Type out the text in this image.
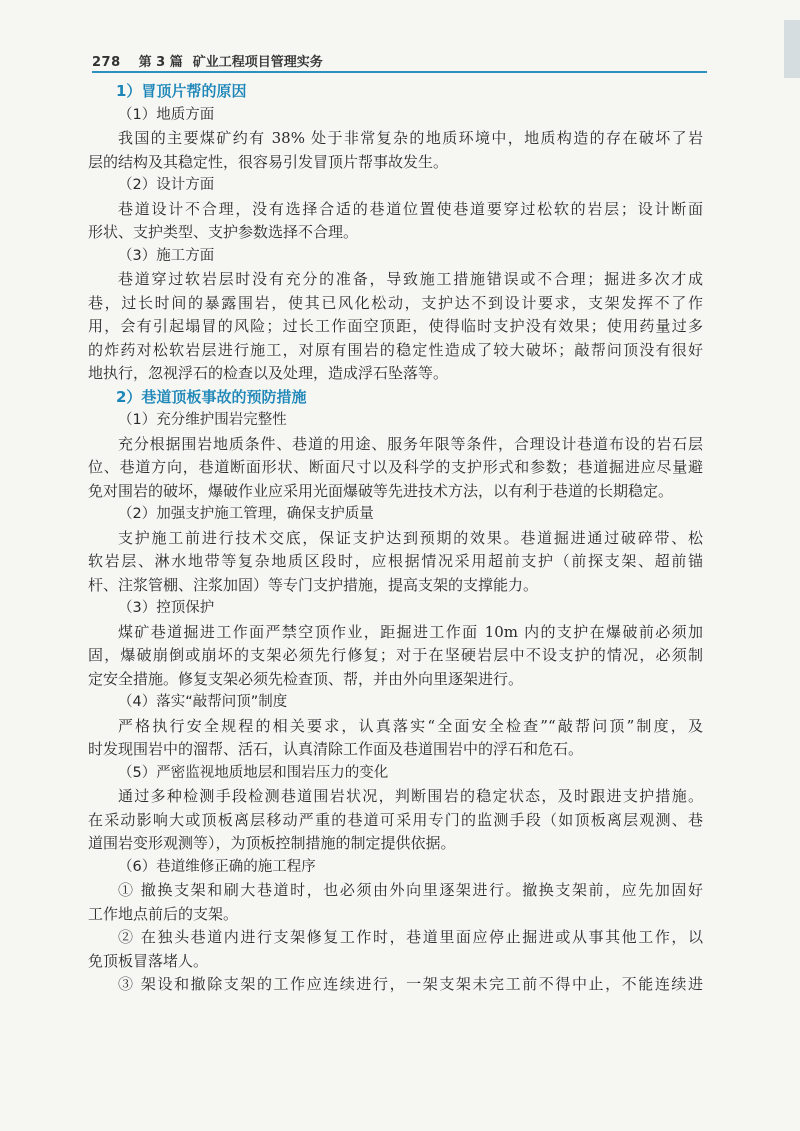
278 第 3 篇 矿业工程项目管理实务
1）冒顶片帮的原因
（1）地质方面
我国的主要煤矿约有 38% 处于非常复杂的地质环境中，地质构造的存在破坏了岩
层的结构及其稳定性，很容易引发冒顶片帮事故发生。
（2）设计方面
巷道设计不合理，没有选择合适的巷道位置使巷道要穿过松软的岩层；设计断面
形状、支护类型、支护参数选择不合理。
（3）施工方面
巷道穿过软岩层时没有充分的准备，导致施工措施错误或不合理；掘进多次才成
巷，过长时间的暴露围岩，使其已风化松动，支护达不到设计要求，支架发挥不了作
用，会有引起塌冒的风险；过长工作面空顶距，使得临时支护没有效果；使用药量过多
的炸药对松软岩层进行施工，对原有围岩的稳定性造成了较大破坏；敲帮问顶没有很好
地执行，忽视浮石的检查以及处理，造成浮石坠落等。
2）巷道顶板事故的预防措施
（1）充分维护围岩完整性
充分根据围岩地质条件、巷道的用途、服务年限等条件，合理设计巷道布设的岩石层
位、巷道方向，巷道断面形状、断面尺寸以及科学的支护形式和参数；巷道掘进应尽量避
免对围岩的破坏，爆破作业应采用光面爆破等先进技术方法，以有利于巷道的长期稳定。
（2）加强支护施工管理，确保支护质量
支护施工前进行技术交底，保证支护达到预期的效果。巷道掘进通过破碎带、松
软岩层、淋水地带等复杂地质区段时，应根据情况采用超前支护（前探支架、超前锚
杆、注浆管棚、注浆加固）等专门支护措施，提高支架的支撑能力。
（3）控顶保护
煤矿巷道掘进工作面严禁空顶作业，距掘进工作面 10m 内的支护在爆破前必须加
固，爆破崩倒或崩坏的支架必须先行修复；对于在坚硬岩层中不设支护的情况，必须制
定安全措施。修复支架必须先检查顶、帮，并由外向里逐架进行。
（4）落实“敲帮问顶”制度
严格执行安全规程的相关要求，认真落实“全面安全检查”“敲帮问顶”制度，及
时发现围岩中的溜帮、活石，认真清除工作面及巷道围岩中的浮石和危石。
（5）严密监视地质地层和围岩压力的变化
通过多种检测手段检测巷道围岩状况，判断围岩的稳定状态，及时跟进支护措施。
在采动影响大或顶板离层移动严重的巷道可采用专门的监测手段（如顶板离层观测、巷
道围岩变形观测等），为顶板控制措施的制定提供依据。
（6）巷道维修正确的施工程序
① 撤换支架和刷大巷道时，也必须由外向里逐架进行。撤换支架前，应先加固好
工作地点前后的支架。
② 在独头巷道内进行支架修复工作时，巷道里面应停止掘进或从事其他工作，以
免顶板冒落堵人。
③ 架设和撤除支架的工作应连续进行，一架支架未完工前不得中止，不能连续进
